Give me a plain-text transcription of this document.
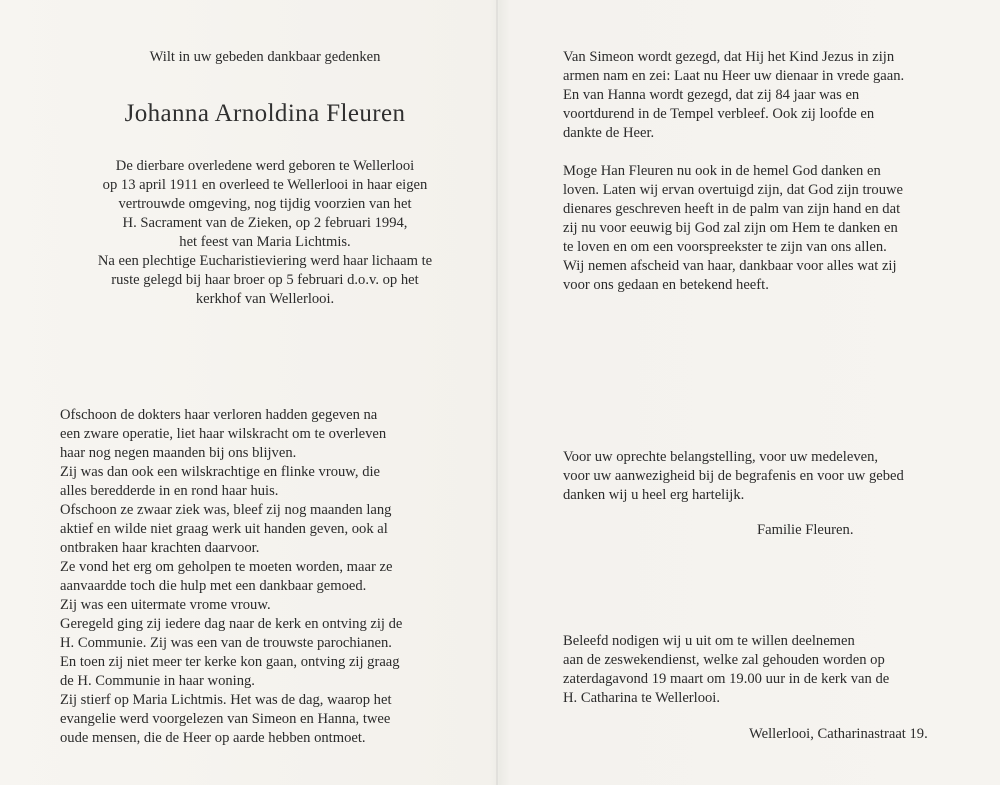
Wilt in uw gebeden dankbaar gedenken

Johanna Arnoldina Fleuren
De dierbare overledene werd geboren te Wellerlooi
op 13 april 1911 en overleed te Wellerlooi in haar eigen
vertrouwde omgeving, nog tijdig voorzien van het
H. Sacrament van de Zieken, op 2 februari 1994,
het feest van Maria Lichtmis.
Na een plechtige Eucharistieviering werd haar lichaam te
ruste gelegd bij haar broer op 5 februari d.o.v. op het
kerkhof van Wellerlooi.
Ofschoon de dokters haar verloren hadden gegeven na
een zware operatie, liet haar wilskracht om te overleven
haar nog negen maanden bij ons blijven.
Zij was dan ook een wilskrachtige en flinke vrouw, die
alles beredderde in en rond haar huis.
Ofschoon ze zwaar ziek was, bleef zij nog maanden lang
aktief en wilde niet graag werk uit handen geven, ook al
ontbraken haar krachten daarvoor.
Ze vond het erg om geholpen te moeten worden, maar ze
aanvaardde toch die hulp met een dankbaar gemoed.
Zij was een uitermate vrome vrouw.
Geregeld ging zij iedere dag naar de kerk en ontving zij de
H. Communie. Zij was een van de trouwste parochianen.
En toen zij niet meer ter kerke kon gaan, ontving zij graag
de H. Communie in haar woning.
Zij stierf op Maria Lichtmis. Het was de dag, waarop het
evangelie werd voorgelezen van Simeon en Hanna, twee
oude mensen, die de Heer op aarde hebben ontmoet.
Van Simeon wordt gezegd, dat Hij het Kind Jezus in zijn
armen nam en zei: Laat nu Heer uw dienaar in vrede gaan.
En van Hanna wordt gezegd, dat zij 84 jaar was en
voortdurend in de Tempel verbleef. Ook zij loofde en
dankte de Heer.
Moge Han Fleuren nu ook in de hemel God danken en
loven. Laten wij ervan overtuigd zijn, dat God zijn trouwe
dienares geschreven heeft in de palm van zijn hand en dat
zij nu voor eeuwig bij God zal zijn om Hem te danken en
te loven en om een voorspreekster te zijn van ons allen.
Wij nemen afscheid van haar, dankbaar voor alles wat zij
voor ons gedaan en betekend heeft.
Voor uw oprechte belangstelling, voor uw medeleven,
voor uw aanwezigheid bij de begrafenis en voor uw gebed
danken wij u heel erg hartelijk.
Familie Fleuren.
Beleefd nodigen wij u uit om te willen deelnemen
aan de zeswekendienst, welke zal gehouden worden op
zaterdagavond 19 maart om 19.00 uur in de kerk van de
H. Catharina te Wellerlooi.
Wellerlooi, Catharinastraat 19.
